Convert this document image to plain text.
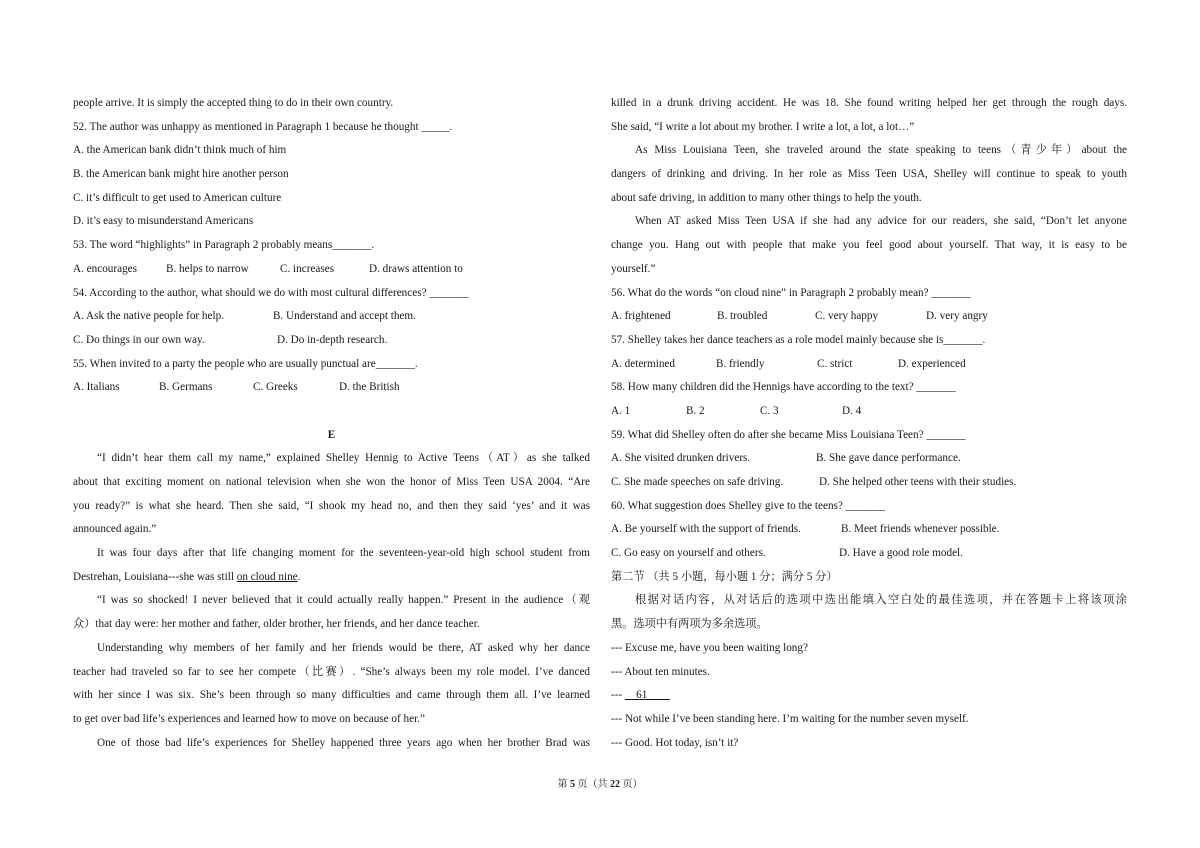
people arrive. It is simply the accepted thing to do in their own country.
52. The author was unhappy as mentioned in Paragraph 1 because he thought _____.
A. the American bank didn’t think much of him
B. the American bank might hire another person
C. it’s difficult to get used to American culture
D. it’s easy to misunderstand Americans
53. The word “highlights” in Paragraph 2 probably means_______.
A. encourages	B. helps to narrow	C. increases	D. draws attention to
54. According to the author, what should we do with most cultural differences? _______
A. Ask the native people for help.	B. Understand and accept them.
C. Do things in our own way.	D. Do in-depth research.
55. When invited to a party the people who are usually punctual are_______.
A. Italians	B. Germans	C. Greeks	D. the British
E
“I didn’t hear them call my name,” explained Shelley Hennig to Active Teens（AT）as she talked
about that exciting moment on national television when she won the honor of Miss Teen USA 2004. “Are
you ready?” is what she heard. Then she said, “I shook my head no, and then they said ‘yes’ and it was
announced again.”
It was four days after that life changing moment for the seventeen-year-old high school student from
Destrehan, Louisiana---she was still on cloud nine.
“I was so shocked! I never believed that it could actually really happen.” Present in the audience（观
众）that day were: her mother and father, older brother, her friends, and her dance teacher.
Understanding why members of her family and her friends would be there, AT asked why her dance
teacher had traveled so far to see her compete（比赛）. “She’s always been my role model. I’ve danced
with her since I was six. She’s been through so many difficulties and came through them all. I’ve learned
to get over bad life’s experiences and learned how to move on because of her.”
One of those bad life’s experiences for Shelley happened three years ago when her brother Brad was
killed in a drunk driving accident. He was 18. She found writing helped her get through the rough days.
She said, “I write a lot about my brother. I write a lot, a lot, a lot…”
As Miss Louisiana Teen, she traveled around the state speaking to teens（青少年）about the
dangers of drinking and driving. In her role as Miss Teen USA, Shelley will continue to speak to youth
about safe driving, in addition to many other things to help the youth.
When AT asked Miss Teen USA if she had any advice for our readers, she said, “Don’t let anyone
change you. Hang out with people that make you feel good about yourself. That way, it is easy to be
yourself.”
56. What do the words “on cloud nine” in Paragraph 2 probably mean? _______
A. frightened	B. troubled	C. very happy	D. very angry
57. Shelley takes her dance teachers as a role model mainly because she is_______.
A. determined	B. friendly	C. strict	D. experienced
58. How many children did the Hennigs have according to the text? _______
A. 1	B. 2	C. 3	D. 4
59. What did Shelley often do after she became Miss Louisiana Teen? _______
A. She visited drunken drivers.	B. She gave dance performance.
C. She made speeches on safe driving.	D. She helped other teens with their studies.
60. What suggestion does Shelley give to the teens? _______
A. Be yourself with the support of friends.	B. Meet friends whenever possible.
C. Go easy on yourself and others.	D. Have a good role model.
第二节 （共 5 小题，每小题 1 分；满分 5 分）
根据对话内容，从对话后的选项中选出能填入空白处的最佳选项，并在答题卡上将该项涂
黑。选项中有两项为多余选项。
--- Excuse me, have you been waiting long?
--- About ten minutes.
--- __61____
--- Not while I’ve been standing here. I’m waiting for the number seven myself.
--- Good. Hot today, isn’t it?
第 5 页（共 22 页）
